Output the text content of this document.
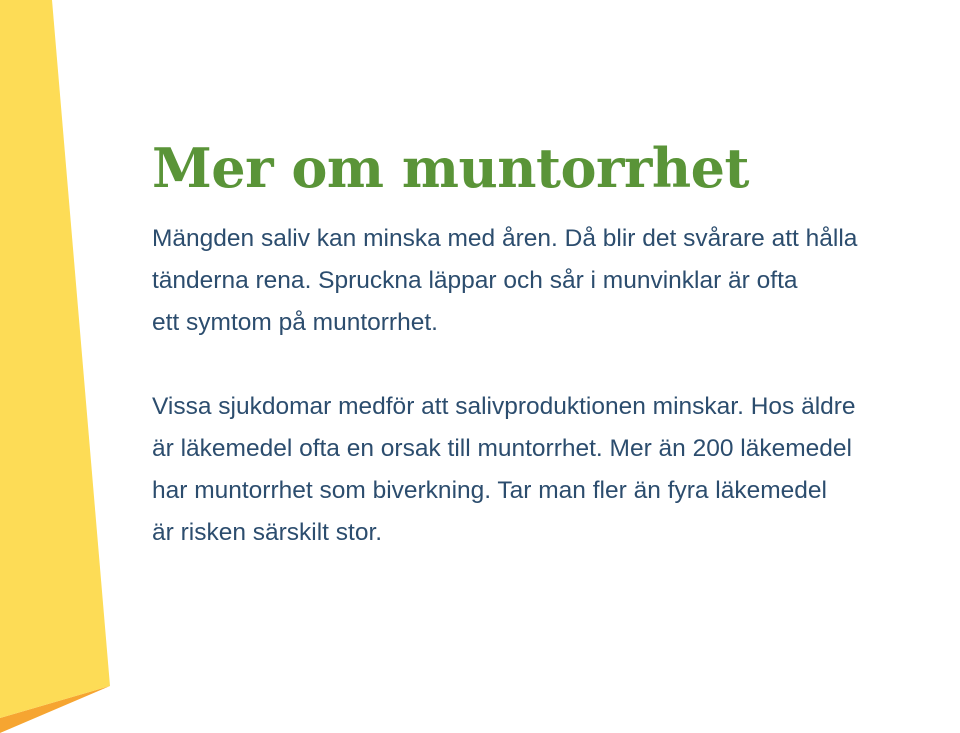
Mer om muntorrhet

Mängden saliv kan minska med åren. Då blir det svårare att hålla
tänderna rena. Spruckna läppar och sår i munvinklar är ofta
ett symtom på muntorrhet.

Vissa sjukdomar medför att salivproduktionen minskar. Hos äldre
är läkemedel ofta en orsak till muntorrhet. Mer än 200 läkemedel
har muntorrhet som biverkning. Tar man fler än fyra läkemedel
är risken särskilt stor.
